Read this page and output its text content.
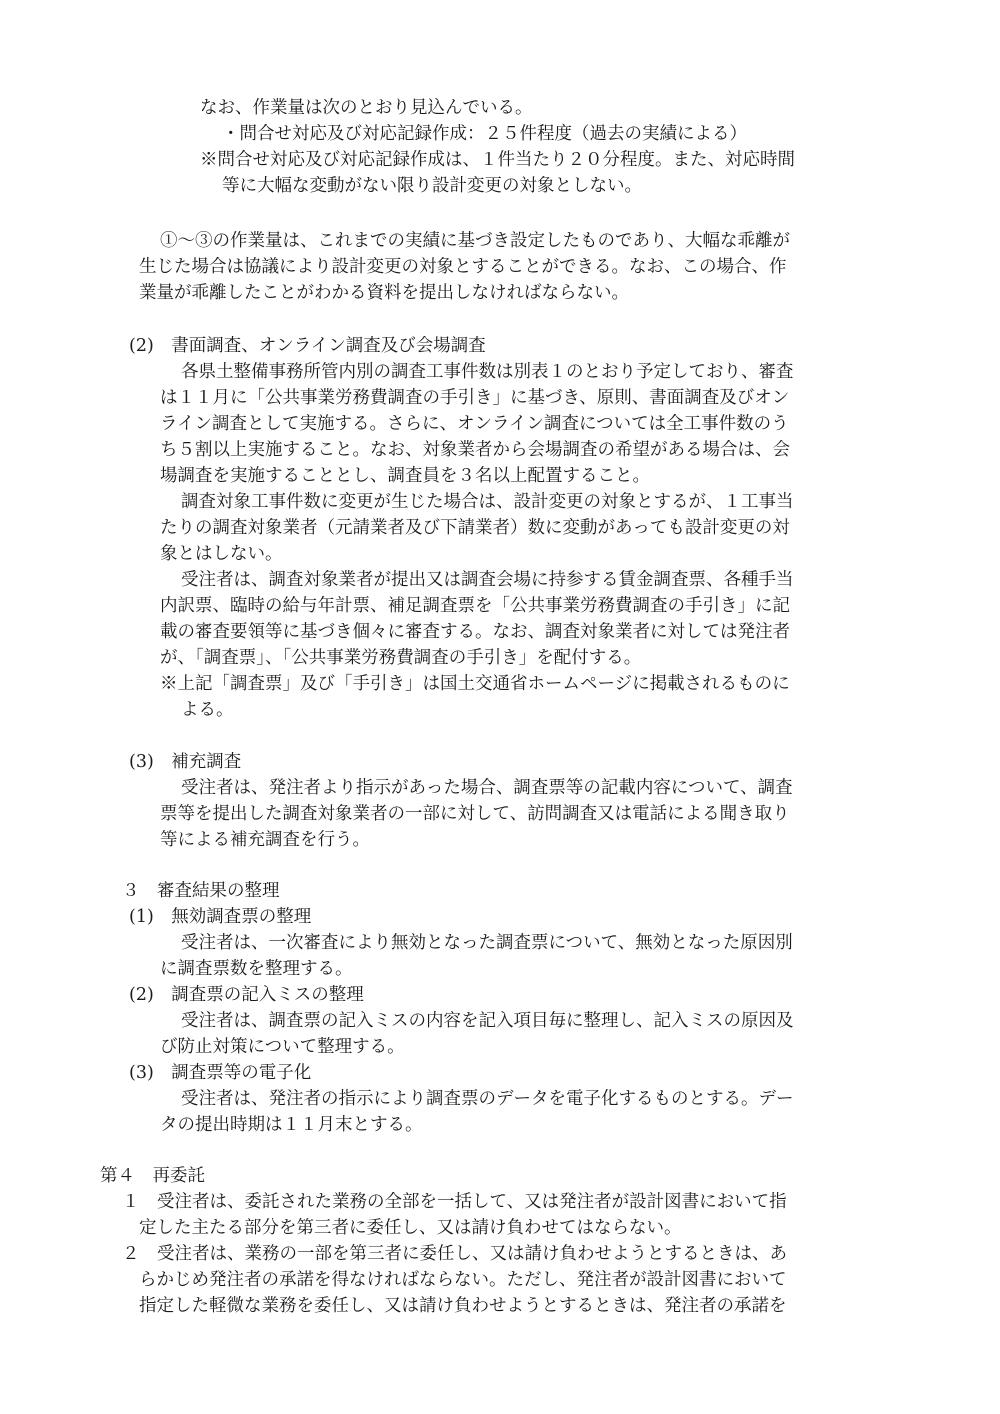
なお、作業量は次のとおり見込んでいる。
・問合せ対応及び対応記録作成：２５件程度（過去の実績による）
※問合せ対応及び対応記録作成は、１件当たり２０分程度。また、対応時間
等に大幅な変動がない限り設計変更の対象としない。
①～③の作業量は、これまでの実績に基づき設定したものであり、大幅な乖離が
生じた場合は協議により設計変更の対象とすることができる。なお、この場合、作
業量が乖離したことがわかる資料を提出しなければならない。
(2)　書面調査、オンライン調査及び会場調査
各県土整備事務所管内別の調査工事件数は別表１のとおり予定しており、審査
は１１月に「公共事業労務費調査の手引き」に基づき、原則、書面調査及びオン
ライン調査として実施する。さらに、オンライン調査については全工事件数のう
ち５割以上実施すること。なお、対象業者から会場調査の希望がある場合は、会
場調査を実施することとし、調査員を３名以上配置すること。
調査対象工事件数に変更が生じた場合は、設計変更の対象とするが、１工事当
たりの調査対象業者（元請業者及び下請業者）数に変動があっても設計変更の対
象とはしない。
受注者は、調査対象業者が提出又は調査会場に持参する賃金調査票、各種手当
内訳票、臨時の給与年計票、補足調査票を「公共事業労務費調査の手引き」に記
載の審査要領等に基づき個々に審査する。なお、調査対象業者に対しては発注者
が、「調査票」、「公共事業労務費調査の手引き」を配付する。
※上記「調査票」及び「手引き」は国土交通省ホームページに掲載されるものに
よる。
(3)　補充調査
受注者は、発注者より指示があった場合、調査票等の記載内容について、調査
票等を提出した調査対象業者の一部に対して、訪問調査又は電話による聞き取り
等による補充調査を行う。
３　審査結果の整理
(1)　無効調査票の整理
受注者は、一次審査により無効となった調査票について、無効となった原因別
に調査票数を整理する。
(2)　調査票の記入ミスの整理
受注者は、調査票の記入ミスの内容を記入項目毎に整理し、記入ミスの原因及
び防止対策について整理する。
(3)　調査票等の電子化
受注者は、発注者の指示により調査票のデータを電子化するものとする。デー
タの提出時期は１１月末とする。
第４　再委託
１　受注者は、委託された業務の全部を一括して、又は発注者が設計図書において指
定した主たる部分を第三者に委任し、又は請け負わせてはならない。
２　受注者は、業務の一部を第三者に委任し、又は請け負わせようとするときは、あ
らかじめ発注者の承諾を得なければならない。ただし、発注者が設計図書において
指定した軽微な業務を委任し、又は請け負わせようとするときは、発注者の承諾を
